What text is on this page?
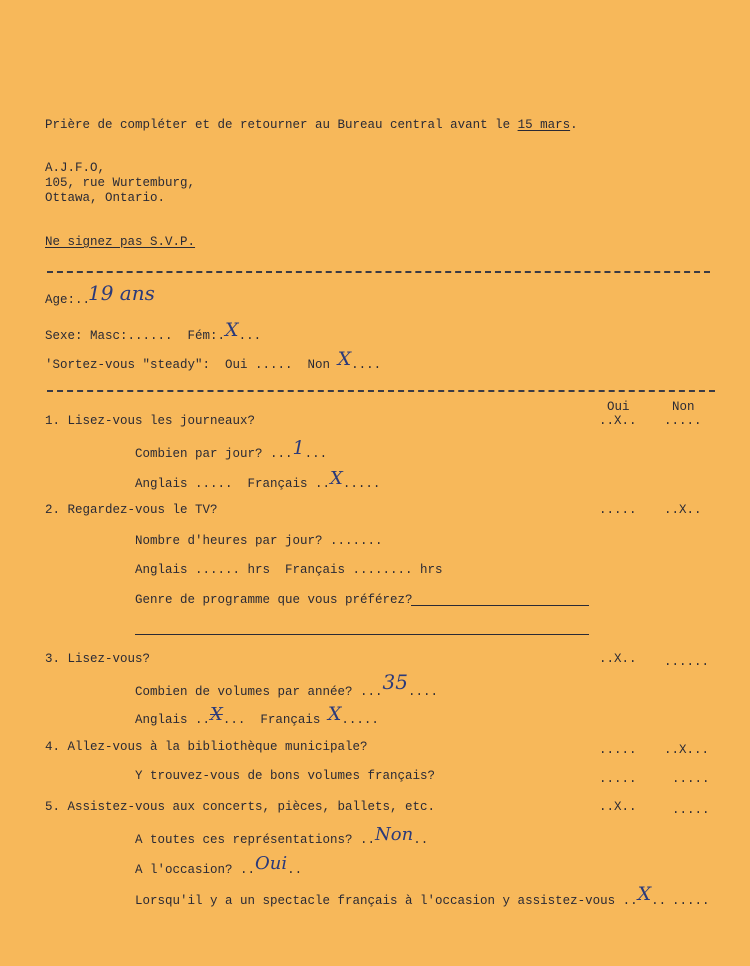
Prière de compléter et de retourner au Bureau central avant le 15 mars.
A.J.F.O,
105, rue Wurtemburg,
Ottawa, Ontario.
Ne signez pas S.V.P.
Age:..
19 ans
Sexe: Masc:......  Fém:.X...
'Sortez-vous "steady":  Oui .....  Non X....
Oui	Non
1. Lisez-vous les journeaux?	..X.. .....
Combien par jour? ...1...
Anglais .....  Français ..X.....
2. Regardez-vous le TV?	..... ..X..
Nombre d'heures par jour? .......
Anglais ...... hrs  Français ........ hrs
Genre de programme que vous préférez?
3. Lisez-vous?	..X.. ......
Combien de volumes par année? ...35....
Anglais ..X...  Français X.....
4. Allez-vous à la bibliothèque municipale?	..... ..X...
Y trouvez-vous de bons volumes français?	.....	.....
5. Assistez-vous aux concerts, pièces, ballets, etc.	..X..	.....
A toutes ces représentations? ..Non..
A l'occasion? ..Oui..
Lorsqu'il y a un spectacle français à l'occasion y assistez-vous ..X.. .....
